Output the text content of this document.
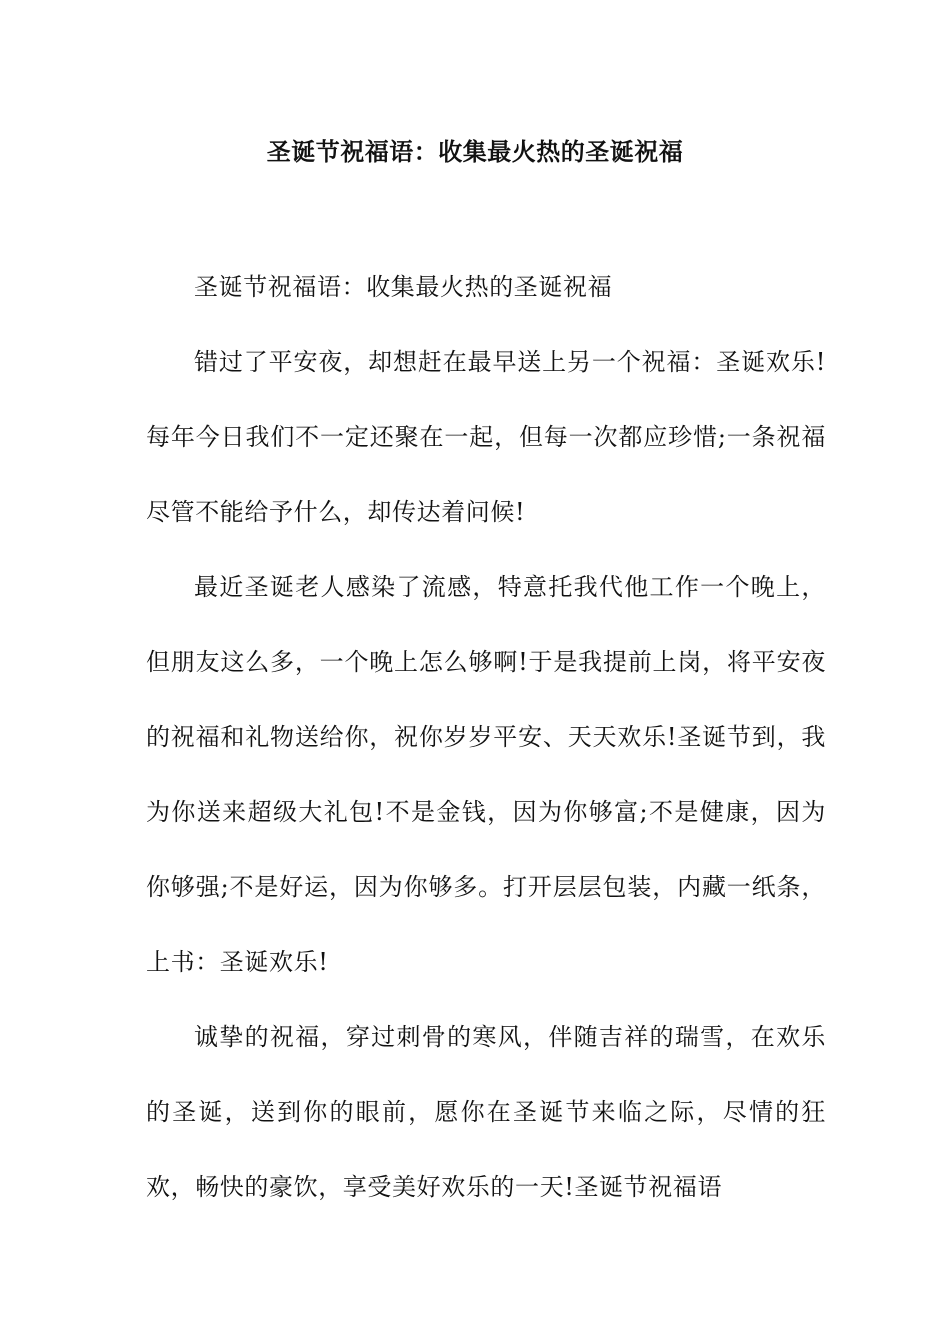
圣诞节祝福语：收集最火热的圣诞祝福

圣诞节祝福语：收集最火热的圣诞祝福

错过了平安夜，却想赶在最早送上另一个祝福：圣诞欢乐!每年今日我们不一定还聚在一起，但每一次都应珍惜;一条祝福尽管不能给予什么，却传达着问候!

最近圣诞老人感染了流感，特意托我代他工作一个晚上，但朋友这么多，一个晚上怎么够啊!于是我提前上岗，将平安夜的祝福和礼物送给你，祝你岁岁平安、天天欢乐!圣诞节到，我为你送来超级大礼包!不是金钱，因为你够富;不是健康，因为你够强;不是好运，因为你够多。打开层层包装，内藏一纸条，上书：圣诞欢乐!

诚挚的祝福，穿过刺骨的寒风，伴随吉祥的瑞雪，在欢乐的圣诞，送到你的眼前，愿你在圣诞节来临之际，尽情的狂欢，畅快的豪饮，享受美好欢乐的一天!圣诞节祝福语
